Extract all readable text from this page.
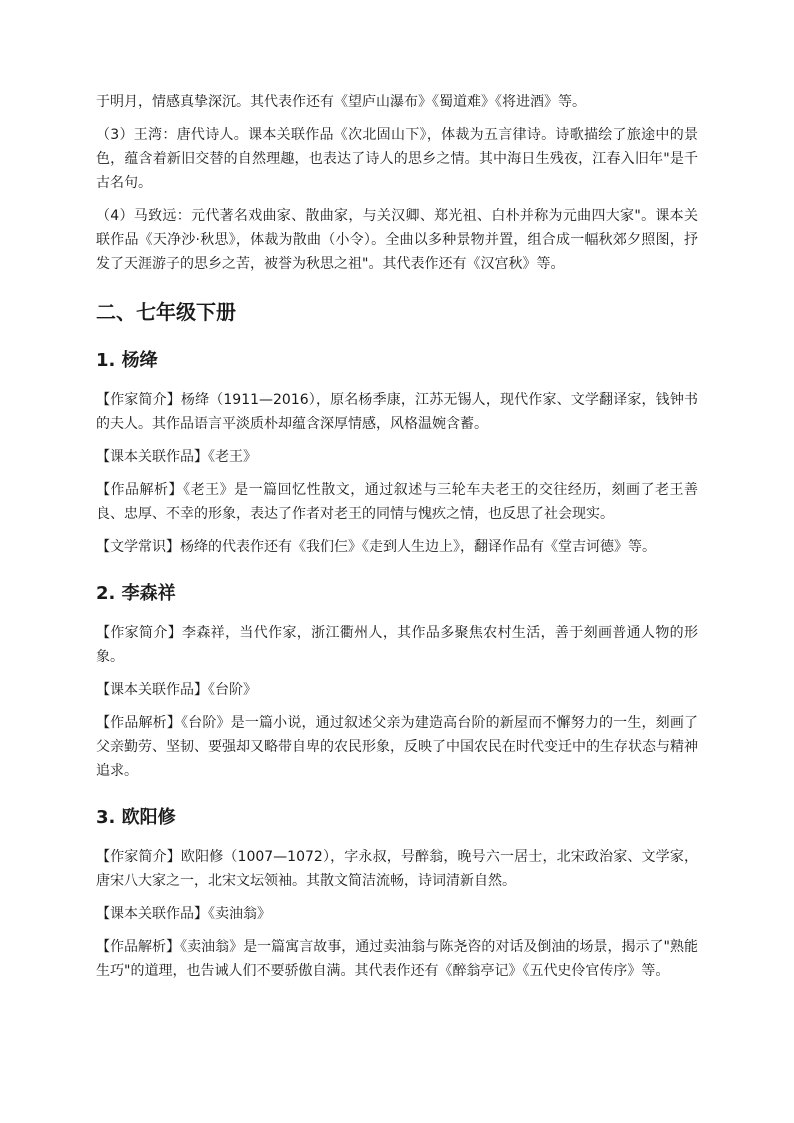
于明月，情感真挚深沉。其代表作还有《望庐山瀑布》《蜀道难》《将进酒》等。

（3）王湾：唐代诗人。课本关联作品《次北固山下》，体裁为五言律诗。诗歌描绘了旅途中的景色，蕴含着新旧交替的自然理趣，也表达了诗人的思乡之情。其中海日生残夜，江春入旧年"是千古名句。

（4）马致远：元代著名戏曲家、散曲家，与关汉卿、郑光祖、白朴并称为元曲四大家"。课本关联作品《天净沙·秋思》，体裁为散曲（小令）。全曲以多种景物并置，组合成一幅秋郊夕照图，抒发了天涯游子的思乡之苦，被誉为秋思之祖"。其代表作还有《汉宫秋》等。

二、七年级下册
1. 杨绛

【作家简介】杨绛（1911—2016），原名杨季康，江苏无锡人，现代作家、文学翻译家，钱钟书的夫人。其作品语言平淡质朴却蕴含深厚情感，风格温婉含蓄。

【课本关联作品】《老王》

【作品解析】《老王》是一篇回忆性散文，通过叙述与三轮车夫老王的交往经历，刻画了老王善良、忠厚、不幸的形象，表达了作者对老王的同情与愧疚之情，也反思了社会现实。

【文学常识】杨绛的代表作还有《我们仨》《走到人生边上》，翻译作品有《堂吉诃德》等。

2. 李森祥

【作家简介】李森祥，当代作家，浙江衢州人，其作品多聚焦农村生活，善于刻画普通人物的形象。

【课本关联作品】《台阶》

【作品解析】《台阶》是一篇小说，通过叙述父亲为建造高台阶的新屋而不懈努力的一生，刻画了父亲勤劳、坚韧、要强却又略带自卑的农民形象，反映了中国农民在时代变迁中的生存状态与精神追求。

3. 欧阳修

【作家简介】欧阳修（1007—1072），字永叔，号醉翁，晚号六一居士，北宋政治家、文学家，唐宋八大家之一，北宋文坛领袖。其散文简洁流畅，诗词清新自然。

【课本关联作品】《卖油翁》

【作品解析】《卖油翁》是一篇寓言故事，通过卖油翁与陈尧咨的对话及倒油的场景，揭示了"熟能生巧"的道理，也告诫人们不要骄傲自满。其代表作还有《醉翁亭记》《五代史伶官传序》等。
